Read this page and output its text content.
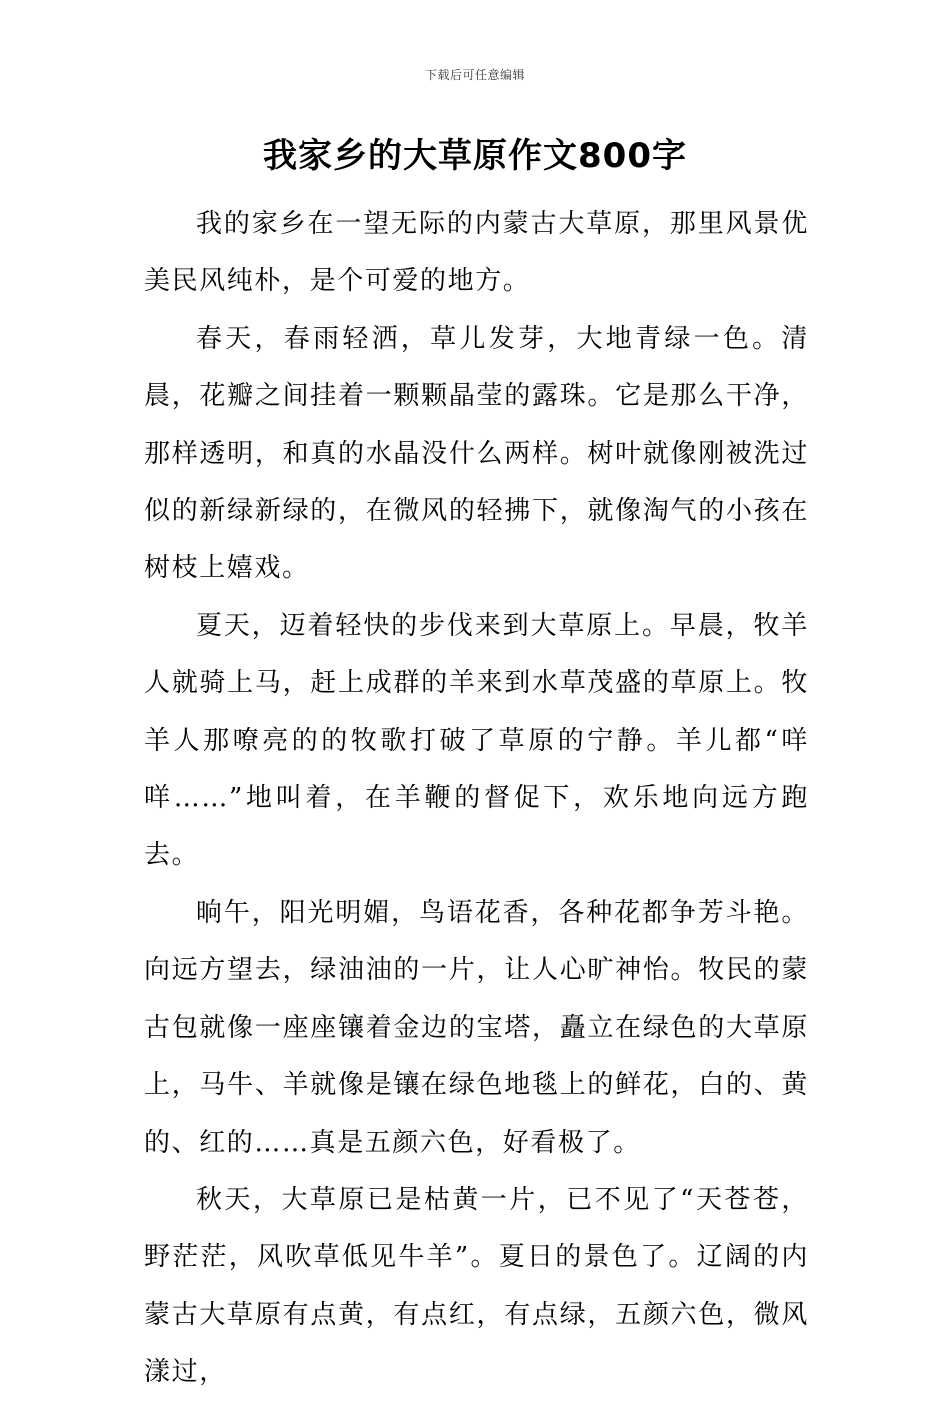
下载后可任意编辑
我家乡的大草原作文800字

我的家乡在一望无际的内蒙古大草原，那里风景优美民风纯朴，是个可爱的地方。

春天，春雨轻洒，草儿发芽，大地青绿一色。清晨，花瓣之间挂着一颗颗晶莹的露珠。它是那么干净，那样透明，和真的水晶没什么两样。树叶就像刚被洗过似的新绿新绿的，在微风的轻拂下，就像淘气的小孩在树枝上嬉戏。

夏天，迈着轻快的步伐来到大草原上。早晨，牧羊人就骑上马，赶上成群的羊来到水草茂盛的草原上。牧羊人那嘹亮的的牧歌打破了草原的宁静。羊儿都“咩咩……”地叫着，在羊鞭的督促下，欢乐地向远方跑去。

晌午，阳光明媚，鸟语花香，各种花都争芳斗艳。向远方望去，绿油油的一片，让人心旷神怡。牧民的蒙古包就像一座座镶着金边的宝塔，矗立在绿色的大草原上，马牛、羊就像是镶在绿色地毯上的鲜花，白的、黄的、红的……真是五颜六色，好看极了。

秋天，大草原已是枯黄一片，已不见了“天苍苍，野茫茫，风吹草低见牛羊”。夏日的景色了。辽阔的内蒙古大草原有点黄，有点红，有点绿，五颜六色，微风漾过，
